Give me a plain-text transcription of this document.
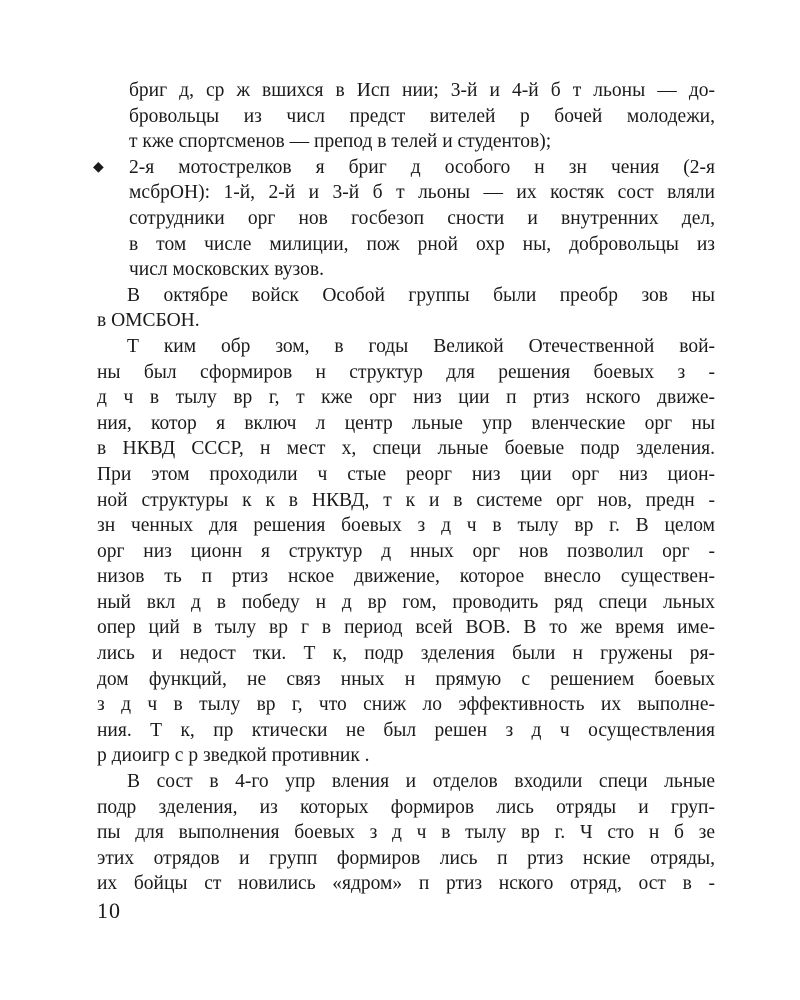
бриг д, ср ж вшихся в Исп нии; 3-й и 4-й б т льоны — до-
бровольцы из числ предст вителей р бочей молодежи,
т кже спортсменов — препод в телей и студентов);
◆ 2-я мотострелков я бриг д особого н зн чения (2-я
мсбрОН): 1-й, 2-й и 3-й б т льоны — их костяк сост вляли
сотрудники орг нов госбезоп сности и внутренних дел,
в том числе милиции, пож рной охр ны, добровольцы из
числ московских вузов.
В октябре войск Особой группы были преобр зов ны
в ОМСБОН.
Т ким обр зом, в годы Великой Отечественной вой-
ны был сформиров н структур для решения боевых з -
д ч в тылу вр г, т кже орг низ ции п ртиз нского движе-
ния, котор я включ л центр льные упр вленческие орг ны
в НКВД СССР, н мест х, специ льные боевые подр зделения.
При этом проходили ч стые реорг низ ции орг низ цион-
ной структуры к к в НКВД, т к и в системе орг нов, предн -
зн ченных для решения боевых з д ч в тылу вр г. В целом
орг низ ционн я структур д нных орг нов позволил орг -
низов ть п ртиз нское движение, которое внесло существен-
ный вкл д в победу н д вр гом, проводить ряд специ льных
опер ций в тылу вр г в период всей ВОВ. В то же время име-
лись и недост тки. Т к, подр зделения были н гружены ря-
дом функций, не связ нных н прямую с решением боевых
з д ч в тылу вр г, что сниж ло эффективность их выполне-
ния. Т к, пр ктически не был решен з д ч осуществления
р диоигр с р зведкой противник .
В сост в 4-го упр вления и отделов входили специ льные
подр зделения, из которых формиров лись отряды и груп-
пы для выполнения боевых з д ч в тылу вр г. Ч сто н б зе
этих отрядов и групп формиров лись п ртиз нские отряды,
их бойцы ст новились «ядром» п ртиз нского отряд, ост в -
10
